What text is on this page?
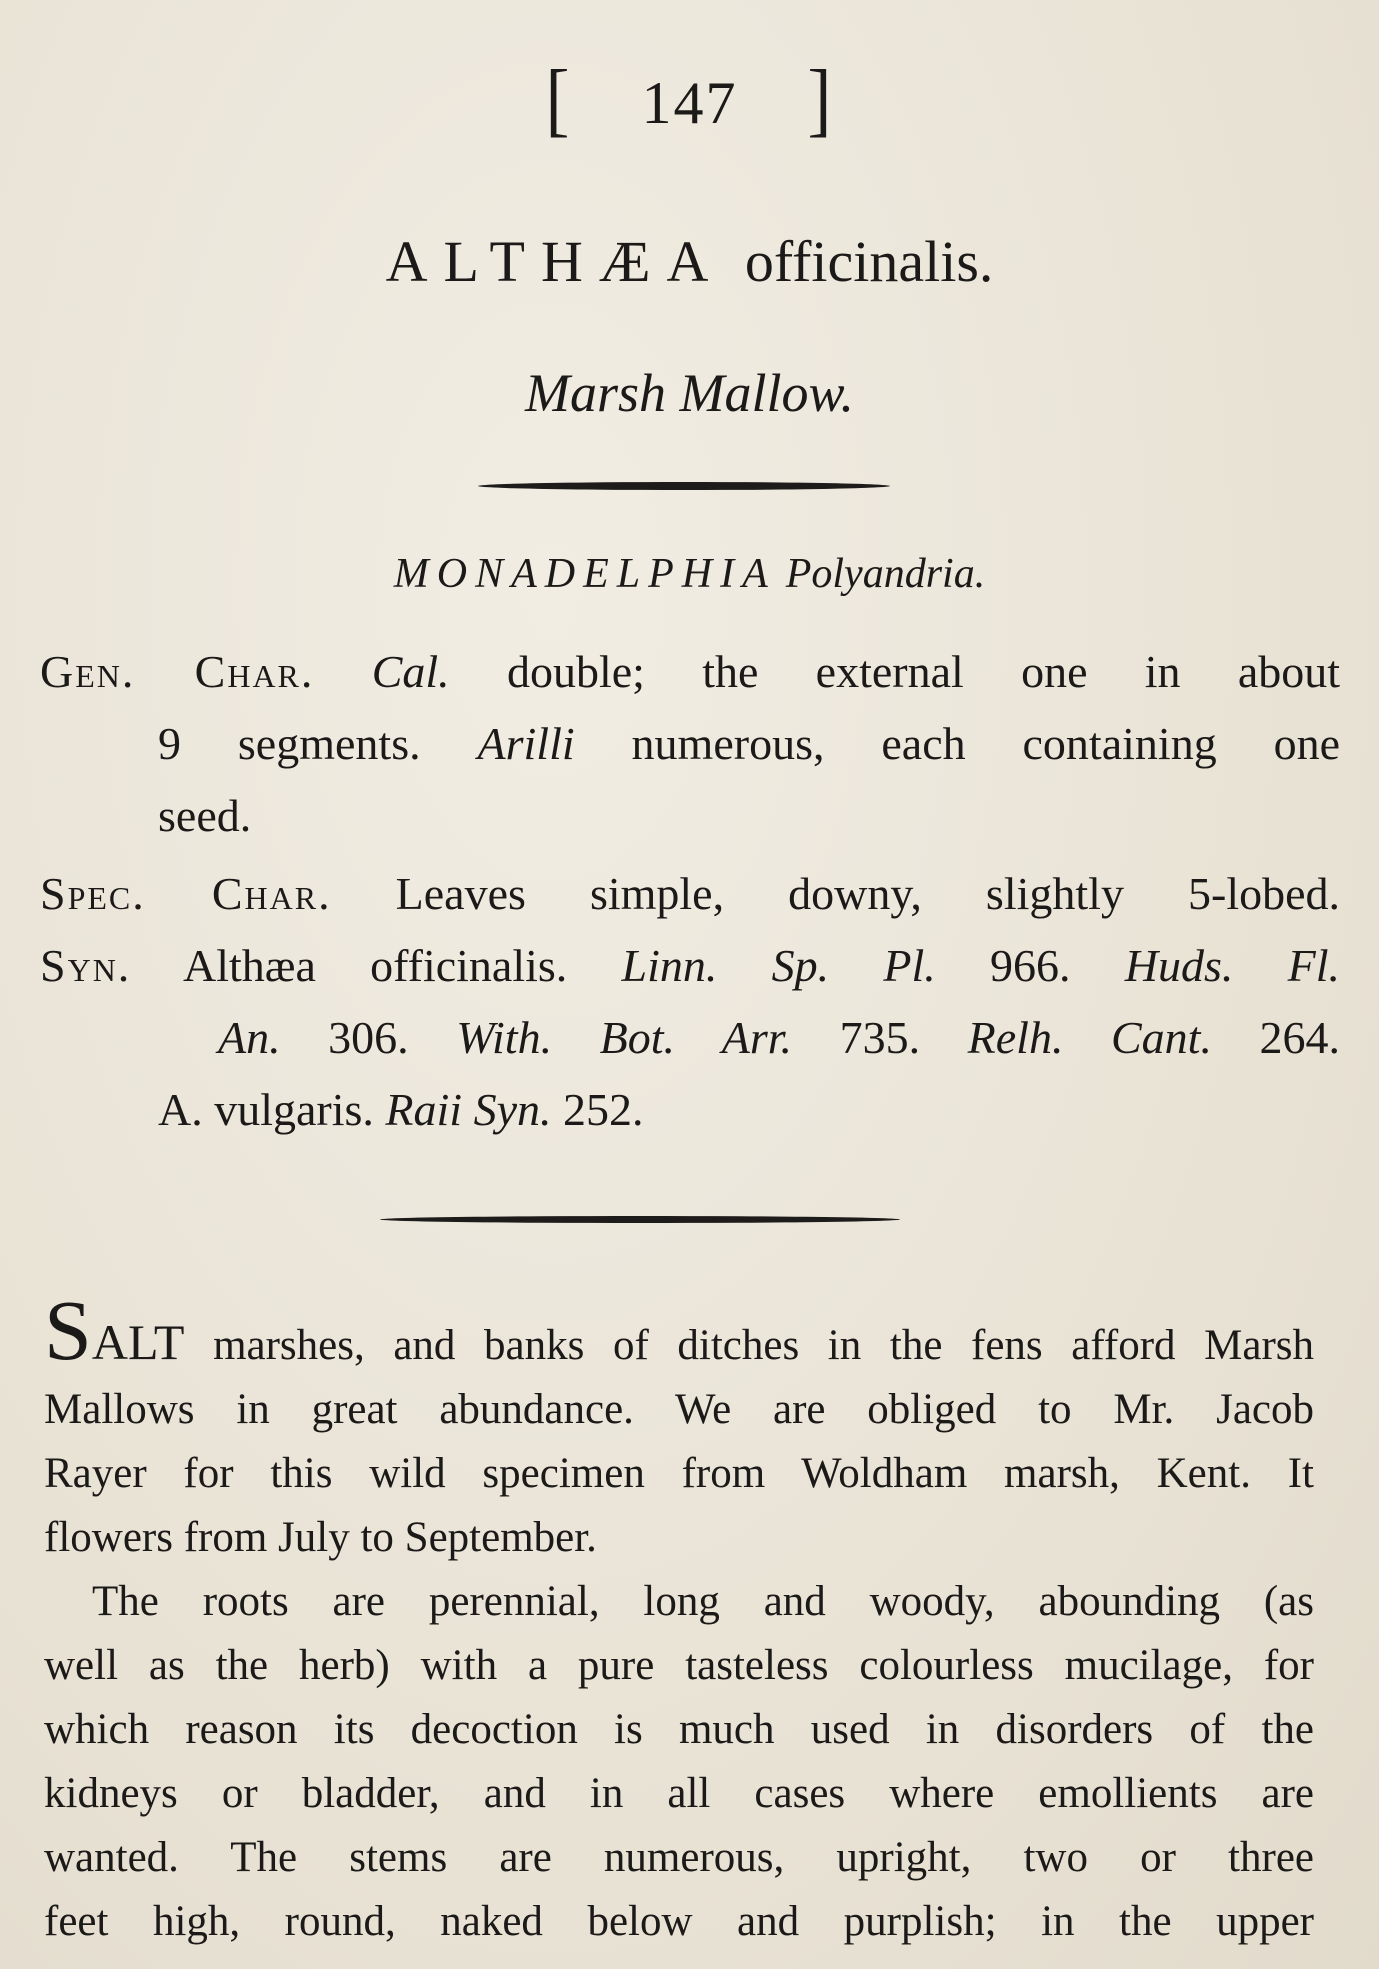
[ 147 ]
ALTHÆA officinalis.
Marsh Mallow.
MONADELPHIA Polyandria.
Gen. Char. Cal. double; the external one in about
9 segments. Arilli numerous, each containing one
seed.
Spec. Char. Leaves simple, downy, slightly 5-lobed.
Syn. Althæa officinalis. Linn. Sp. Pl. 966. Huds. Fl.
An. 306. With. Bot. Arr. 735. Relh. Cant. 264.
A. vulgaris. Raii Syn. 252.

SALT marshes, and banks of ditches in the fens afford Marsh
Mallows in great abundance. We are obliged to Mr. Jacob
Rayer for this wild specimen from Woldham marsh, Kent. It
flowers from July to September.

The roots are perennial, long and woody, abounding (as
well as the herb) with a pure tasteless colourless mucilage, for
which reason its decoction is much used in disorders of the
kidneys or bladder, and in all cases where emollients are
wanted. The stems are numerous, upright, two or three
feet high, round, naked below and purplish; in the upper
